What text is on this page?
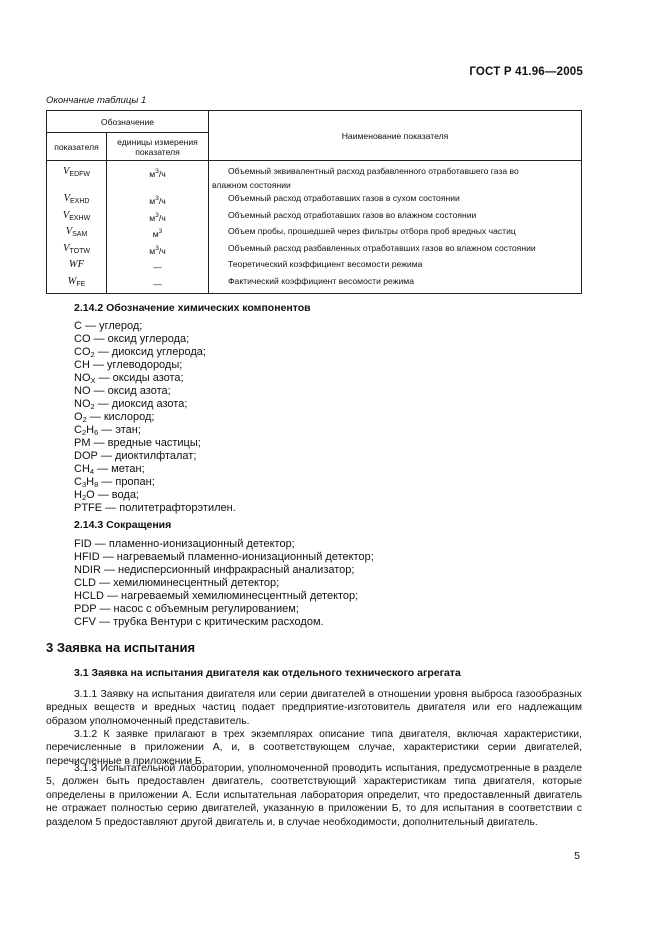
ГОСТ Р 41.96—2005
Окончание таблицы 1
Обозначение		Наименование показателя
показателя	единицы измерения показателя	
$V_{EDFW}$	$м^3/ч$	Объемный эквивалентный расход разбавленного отработавшего газа во
влажном состоянии

$V_{EXHD}$	$м^3/ч$	Объемный расход отработавших газов в сухом состоянии

$V_{EXHW}$	$м^3/ч$	Объемный расход отработавших газов во влажном состоянии

$V_{SAM}$	$м^3$	Объем пробы, прошедшей через фильтры отбора проб вредных частиц

$V_{TOTW}$	$м^3/ч$	Объемный расход разбавленных отработавших газов во влажном состоянии

WF	—	Теоретический коэффициент весомости режима

$W_{FE}$	—	Фактический коэффициент весомости режима
2.14.2 Обозначение химических компонентов
C — углерод;
CO — оксид углерода;
$CO_2$ — диоксид углерода;
CH — углеводороды;
$NO_X$ — оксиды азота;
NO — оксид азота;
$NO_2$ — диоксид азота;
$O_2$ — кислород;
$C_2H_6$ — этан;
PM — вредные частицы;
DOP — диоктилфталат;
$CH_4$ — метан;
$C_3H_8$ — пропан;
$H_2O$ — вода;
PTFE — политетрафторэтилен.
2.14.3 Сокращения
FID — пламенно-ионизационный детектор;
HFID — нагреваемый пламенно-ионизационный детектор;
NDIR — недисперсионный инфракрасный анализатор;
CLD — хемилюминесцентный детектор;
HCLD — нагреваемый хемилюминесцентный детектор;
PDP — насос с объемным регулированием;
CFV — трубка Вентури с критическим расходом.
3 Заявка на испытания
3.1 Заявка на испытания двигателя как отдельного технического агрегата
3.1.1 Заявку на испытания двигателя или серии двигателей в отношении уровня выброса газообразных вредных веществ и вредных частиц подает предприятие-изготовитель двигателя или его надлежащим образом уполномоченный представитель.
3.1.2 К заявке прилагают в трех экземплярах описание типа двигателя, включая характеристики, перечисленные в приложении А, и, в соответствующем случае, характеристики серии двигателей, перечисленные в приложении Б.
3.1.3 Испытательной лаборатории, уполномоченной проводить испытания, предусмотренные в разделе 5, должен быть предоставлен двигатель, соответствующий характеристикам типа двигателя, которые определены в приложении А. Если испытательная лаборатория определит, что предоставленный двигатель не отражает полностью серию двигателей, указанную в приложении Б, то для испытания в соответствии с разделом 5 предоставляют другой двигатель и, в случае необходимости, дополнительный двигатель.
5
